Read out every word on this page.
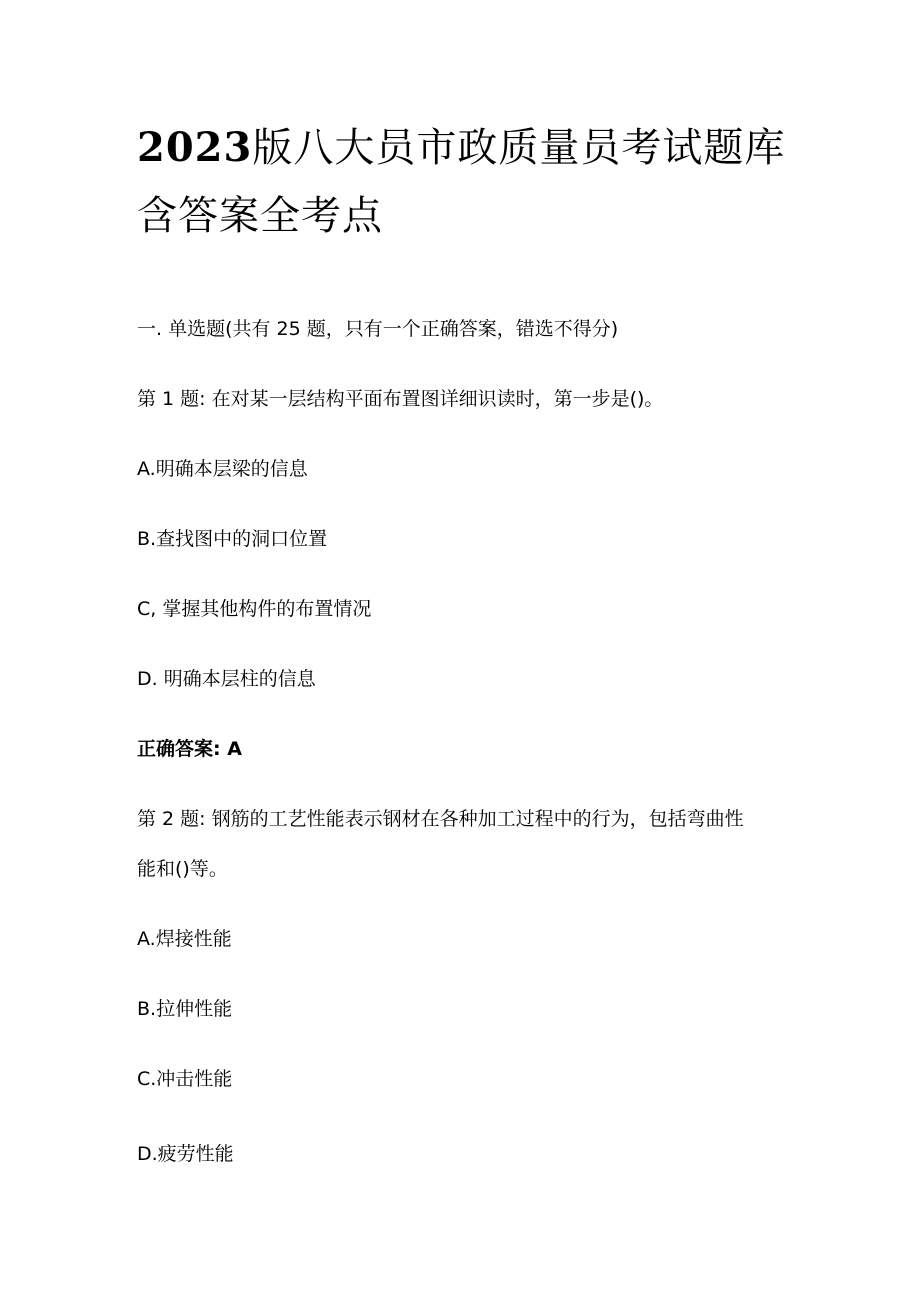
2023版八大员市政质量员考试题库
含答案全考点
一. 单选题(共有 25 题，只有一个正确答案，错选不得分)
第 1 题: 在对某一层结构平面布置图详细识读时，第一步是()。
A.明确本层梁的信息
B.查找图中的洞口位置
C, 掌握其他构件的布置情况
D. 明确本层柱的信息
正确答案: A
第 2 题: 钢筋的工艺性能表示钢材在各种加工过程中的行为，包括弯曲性
能和()等。
A.焊接性能
B.拉伸性能
C.冲击性能
D.疲劳性能
